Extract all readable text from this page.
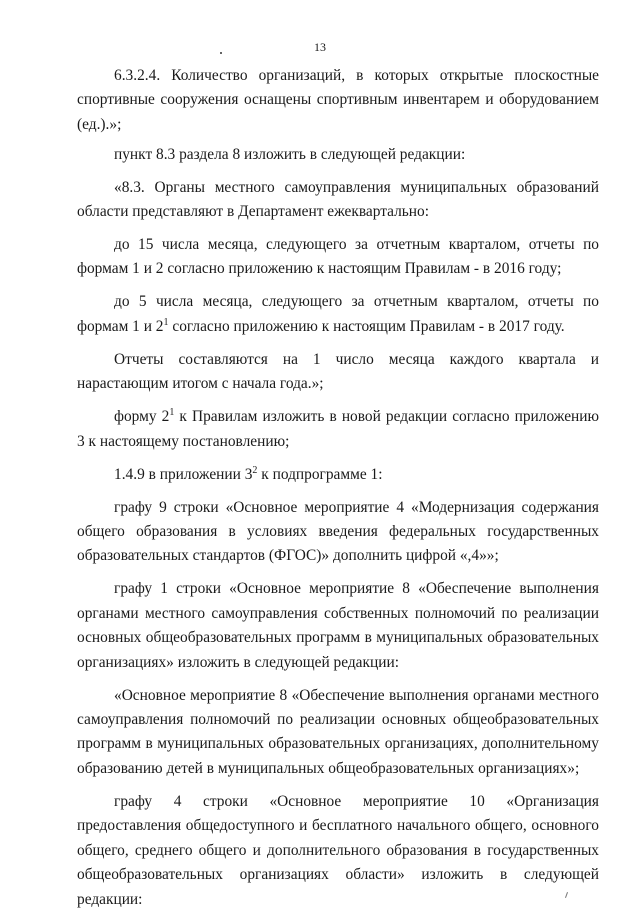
13

6.3.2.4. Количество организаций, в которых открытые плоскостные спортивные сооружения оснащены спортивным инвентарем и оборудованием (ед.).»;

пункт 8.3 раздела 8 изложить в следующей редакции:

«8.3. Органы местного самоуправления муниципальных образований области представляют в Департамент ежеквартально:

до 15 числа месяца, следующего за отчетным кварталом, отчеты по формам 1 и 2 согласно приложению к настоящим Правилам - в 2016 году;

до 5 числа месяца, следующего за отчетным кварталом, отчеты по формам 1 и $2^1$ согласно приложению к настоящим Правилам - в 2017 году.

Отчеты составляются на 1 число месяца каждого квартала и нарастающим итогом с начала года.»;

форму $2^1$ к Правилам изложить в новой редакции согласно приложению 3 к настоящему постановлению;

1.4.9 в приложении $3^2$ к подпрограмме 1:

графу 9 строки «Основное мероприятие 4 «Модернизация содержания общего образования в условиях введения федеральных государственных образовательных стандартов (ФГОС)» дополнить цифрой «,4»»;

графу 1 строки «Основное мероприятие 8 «Обеспечение выполнения органами местного самоуправления собственных полномочий по реализации основных общеобразовательных программ в муниципальных образовательных организациях» изложить в следующей редакции:

«Основное мероприятие 8 «Обеспечение выполнения органами местного самоуправления полномочий по реализации основных общеобразовательных программ в муниципальных образовательных организациях, дополнительному образованию детей в муниципальных общеобразовательных организациях»;

графу 4 строки «Основное мероприятие 10 «Организация предоставления общедоступного и бесплатного начального общего, основного общего, среднего общего и дополнительного образования в государственных общеобразовательных организациях области» изложить в следующей редакции:
